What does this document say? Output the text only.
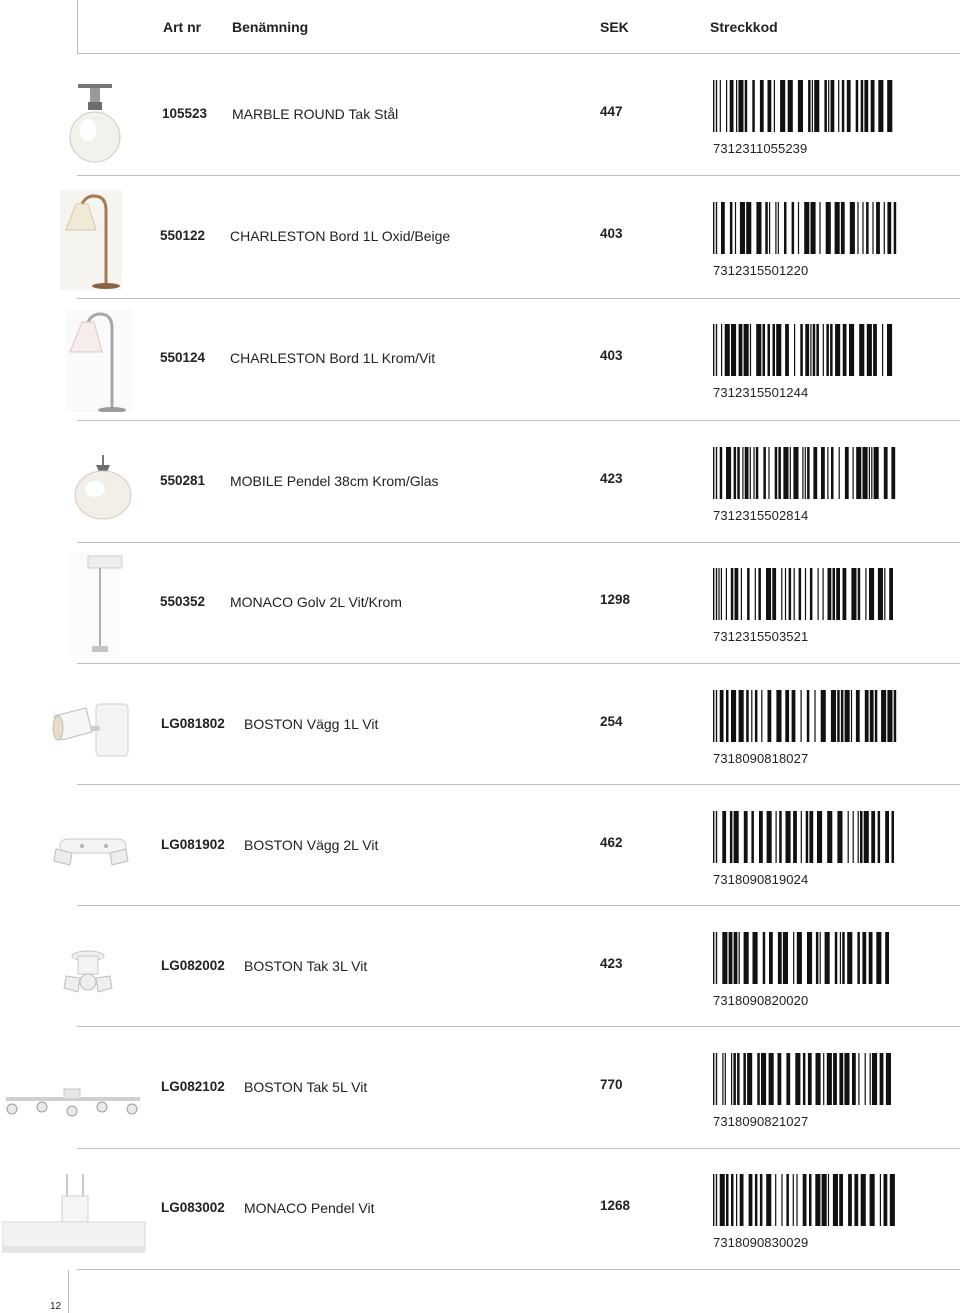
Art nr Benämning	SEK	Streckkod
105523 MARBLE ROUND Tak Stål	447
7312311055239
550122 CHARLESTON Bord 1L Oxid/Beige	403
7312315501220
550124 CHARLESTON Bord 1L Krom/Vit	403
7312315501244
550281 MOBILE Pendel 38cm Krom/Glas	423
7312315502814
550352 MONACO Golv 2L Vit/Krom	1298
7312315503521
LG081802 BOSTON Vägg 1L Vit	254
7318090818027
LG081902 BOSTON Vägg 2L Vit	462
7318090819024
LG082002 BOSTON Tak 3L Vit	423
7318090820020
LG082102 BOSTON Tak 5L Vit	770
7318090821027
LG083002 MONACO Pendel Vit	1268
7318090830029
12
